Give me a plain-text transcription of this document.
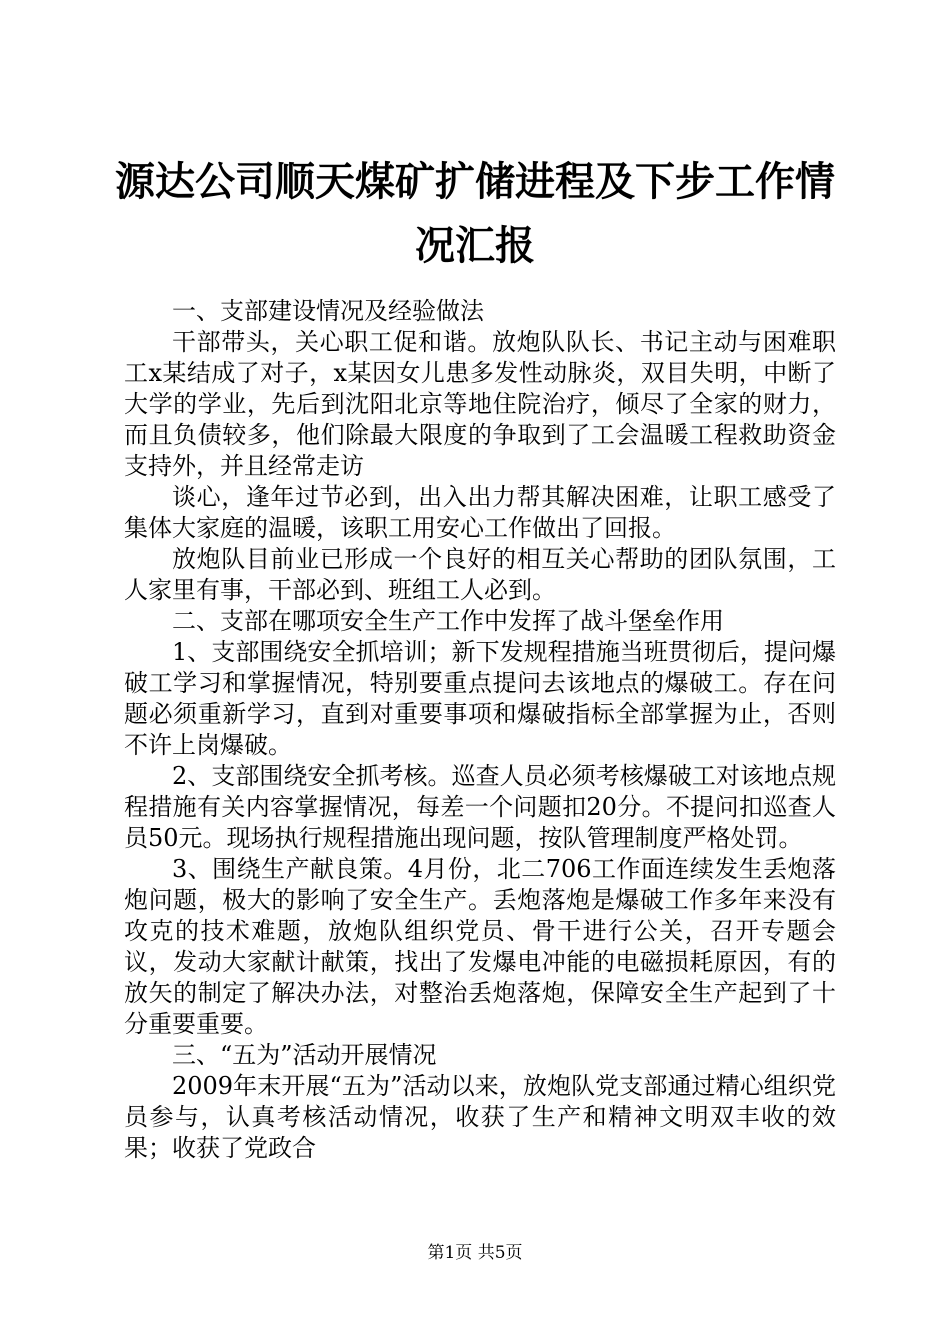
源达公司顺天煤矿扩储进程及下步工作情况汇报

一、支部建设情况及经验做法

干部带头，关心职工促和谐。放炮队队长、书记主动与困难职工x某结成了对子，x某因女儿患多发性动脉炎，双目失明，中断了大学的学业，先后到沈阳北京等地住院治疗，倾尽了全家的财力，而且负债较多，他们除最大限度的争取到了工会温暖工程救助资金支持外，并且经常走访

谈心，逢年过节必到，出入出力帮其解决困难，让职工感受了集体大家庭的温暖，该职工用安心工作做出了回报。

放炮队目前业已形成一个良好的相互关心帮助的团队氛围，工人家里有事，干部必到、班组工人必到。

二、支部在哪项安全生产工作中发挥了战斗堡垒作用

1、支部围绕安全抓培训；新下发规程措施当班贯彻后，提问爆破工学习和掌握情况，特别要重点提问去该地点的爆破工。存在问题必须重新学习，直到对重要事项和爆破指标全部掌握为止，否则不许上岗爆破。

2、支部围绕安全抓考核。巡查人员必须考核爆破工对该地点规程措施有关内容掌握情况，每差一个问题扣20分。不提问扣巡查人员50元。现场执行规程措施出现问题，按队管理制度严格处罚。

3、围绕生产献良策。4月份，北二706工作面连续发生丢炮落炮问题，极大的影响了安全生产。丢炮落炮是爆破工作多年来没有攻克的技术难题，放炮队组织党员、骨干进行公关，召开专题会议，发动大家献计献策，找出了发爆电冲能的电磁损耗原因，有的放矢的制定了解决办法，对整治丢炮落炮，保障安全生产起到了十分重要重要。

三、“五为”活动开展情况

2009年末开展“五为”活动以来，放炮队党支部通过精心组织党员参与，认真考核活动情况，收获了生产和精神文明双丰收的效果；收获了党政合

第1页 共5页
